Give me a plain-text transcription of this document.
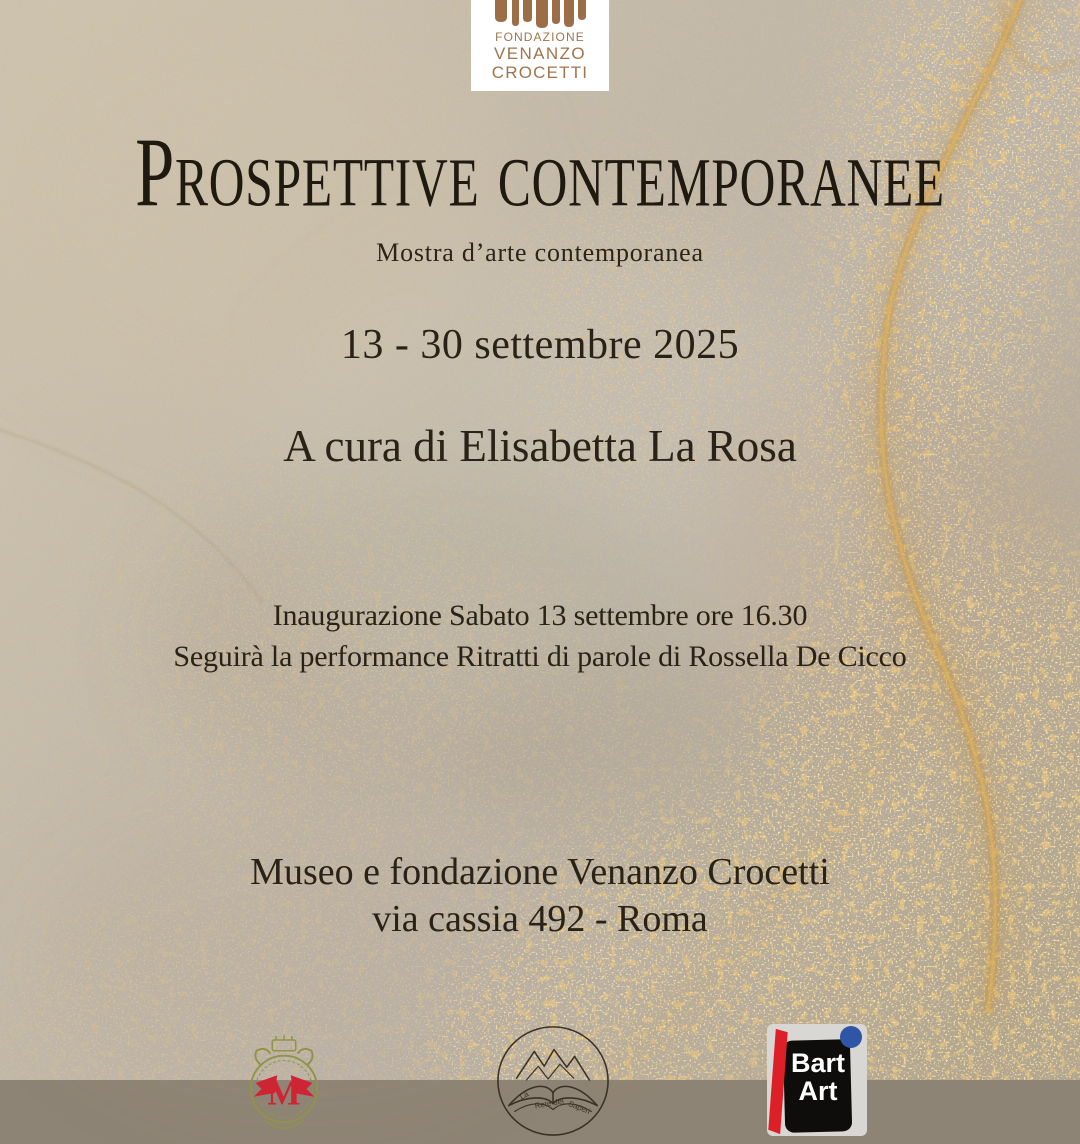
FONDAZIONE
VENANZO
CROCETTI
Prospettive contemporanee
Mostra d’arte contemporanea
13 - 30 settembre 2025
A cura di Elisabetta La Rosa
Inaugurazione Sabato 13 settembre ore 16.30
Seguirà la performance Ritratti di parole di Rossella De Cicco
Museo e fondazione Venanzo Crocetti
via cassia 492 - Roma
M	La
Rete dei Saperi
Bart
Art
